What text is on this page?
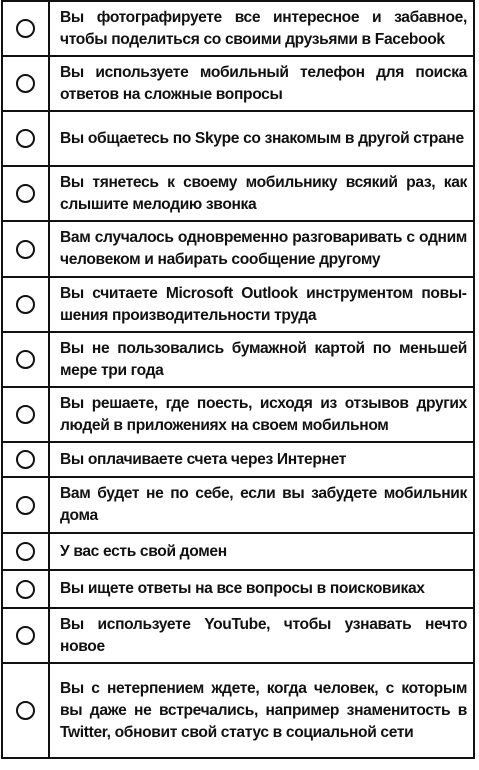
Вы фотографируете все интересное и забавное, чтобы поделиться со своими друзьями в Facebook
Вы используете мобильный телефон для поиска ответов на сложные вопросы
Вы общаетесь по Skype со знакомым в другой стране
Вы тянетесь к своему мобильнику всякий раз, как слышите мелодию звонка
Вам случалось одновременно разговаривать с одним человеком и набирать сообщение другому
Вы считаете Microsoft Outlook инструментом повышения производительности труда
Вы не пользовались бумажной картой по меньшей мере три года
Вы решаете, где поесть, исходя из отзывов других людей в приложениях на своем мобильном
Вы оплачиваете счета через Интернет
Вам будет не по себе, если вы забудете мобильник дома
У вас есть свой домен
Вы ищете ответы на все вопросы в поисковиках
Вы используете YouTube, чтобы узнавать нечто новое
Вы с нетерпением ждете, когда человек, с которым вы даже не встречались, например знаменитость в Twitter, обновит свой статус в социальной сети
